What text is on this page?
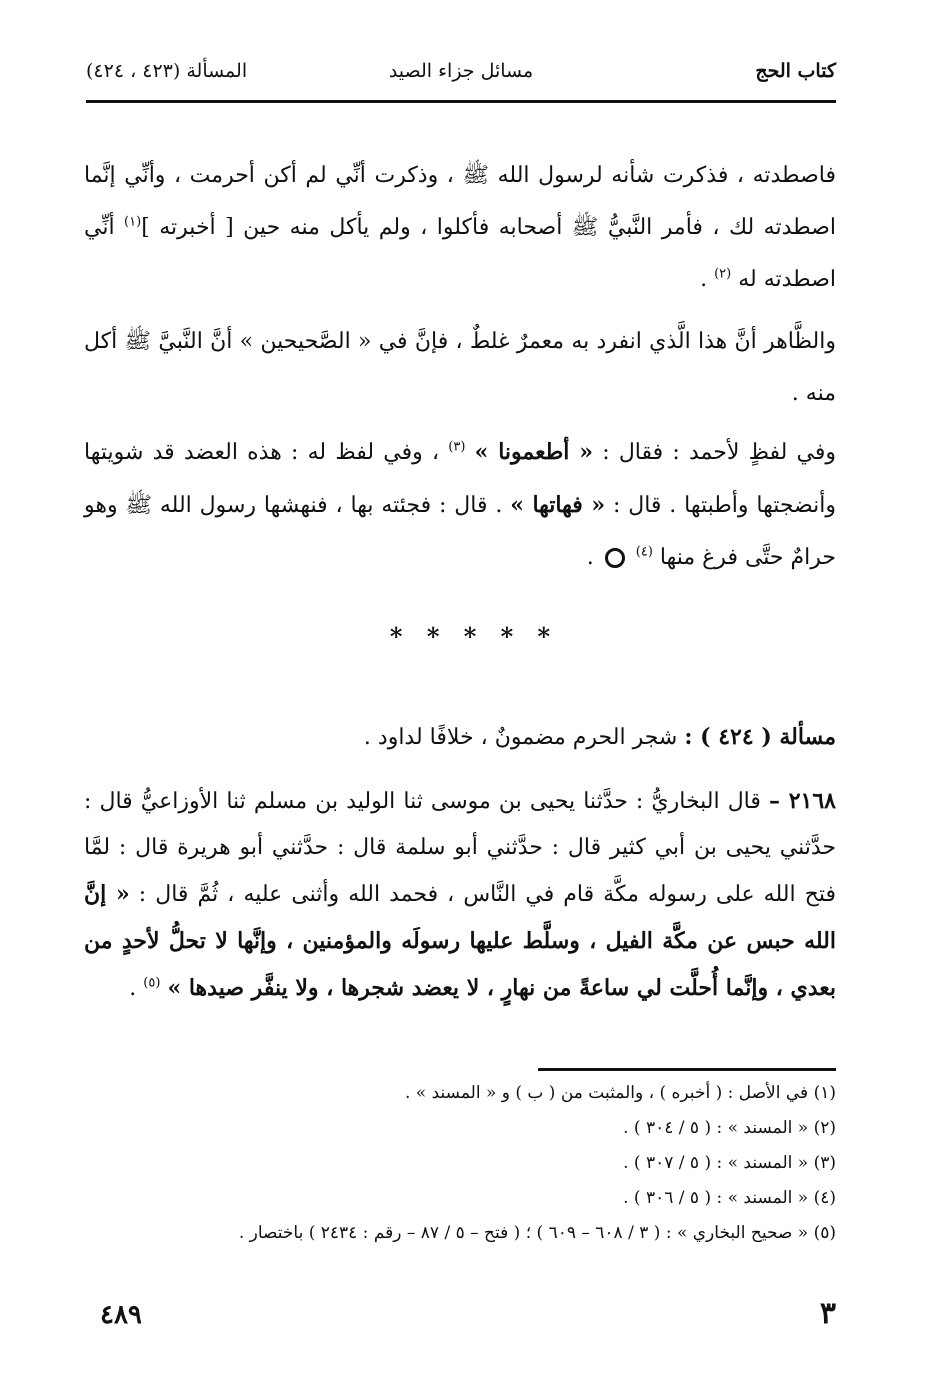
كتاب الحج
مسائل جزاء الصيد
المسألة (٤٢٣ ، ٤٢٤)
فاصطدته ، فذكرت شأنه لرسول الله ﷺ ، وذكرت أنِّي لم أكن أحرمت ، وأنِّي إنَّما اصطدته لك ، فأمر النَّبيُّ ﷺ أصحابه فأكلوا ، ولم يأكل منه حين [ أخبرته ]$^{(١)}$ أنِّي اصطدته له $^{(٢)}$ .
والظَّاهر أنَّ هذا الَّذي انفرد به معمرٌ غلطٌ ، فإنَّ في « الصَّحيحين » أنَّ النَّبيَّ ﷺ أكل منه .
وفي لفظٍ لأحمد : فقال : « أطعمونا » $^{(٣)}$ ، وفي لفظ له : هذه العضد قد شويتها وأنضجتها وأطبتها . قال : « فهاتها » . قال : فجئته بها ، فنهشها رسول الله ﷺ وهو حرامٌ حتَّى فرغ منها $^{(٤)}$  .
* * * * *
مسألة ( ٤٢٤ ) : شجر الحرم مضمونٌ ، خلافًا لداود .
٢١٦٨ – قال البخاريُّ : حدَّثنا يحيى بن موسى ثنا الوليد بن مسلم ثنا الأوزاعيُّ قال : حدَّثني يحيى بن أبي كثير قال : حدَّثني أبو سلمة قال : حدَّثني أبو هريرة قال : لمَّا فتح الله على رسوله مكَّة قام في النَّاس ، فحمد الله وأثنى عليه ، ثُمَّ قال : « إنَّ الله حبس عن مكَّة الفيل ، وسلَّط عليها رسولَه والمؤمنين ، وإنَّها لا تحلُّ لأحدٍ من بعدي ، وإنَّما أُحلَّت لي ساعةً من نهارٍ ، لا يعضد شجرها ، ولا ينفَّر صيدها » $^{(٥)}$ .
(١) في الأصل : ( أخبره ) ، والمثبت من ( ب ) و « المسند » .
(٢) « المسند » : ( ٥ / ٣٠٤ ) .
(٣) « المسند » : ( ٥ / ٣٠٧ ) .
(٤) « المسند » : ( ٥ / ٣٠٦ ) .
(٥) « صحيح البخاري » : ( ٣ / ٦٠٨ – ٦٠٩ ) ؛ ( فتح – ٥ / ٨٧ – رقم : ٢٤٣٤ ) باختصار .
٤٨٩	٣
